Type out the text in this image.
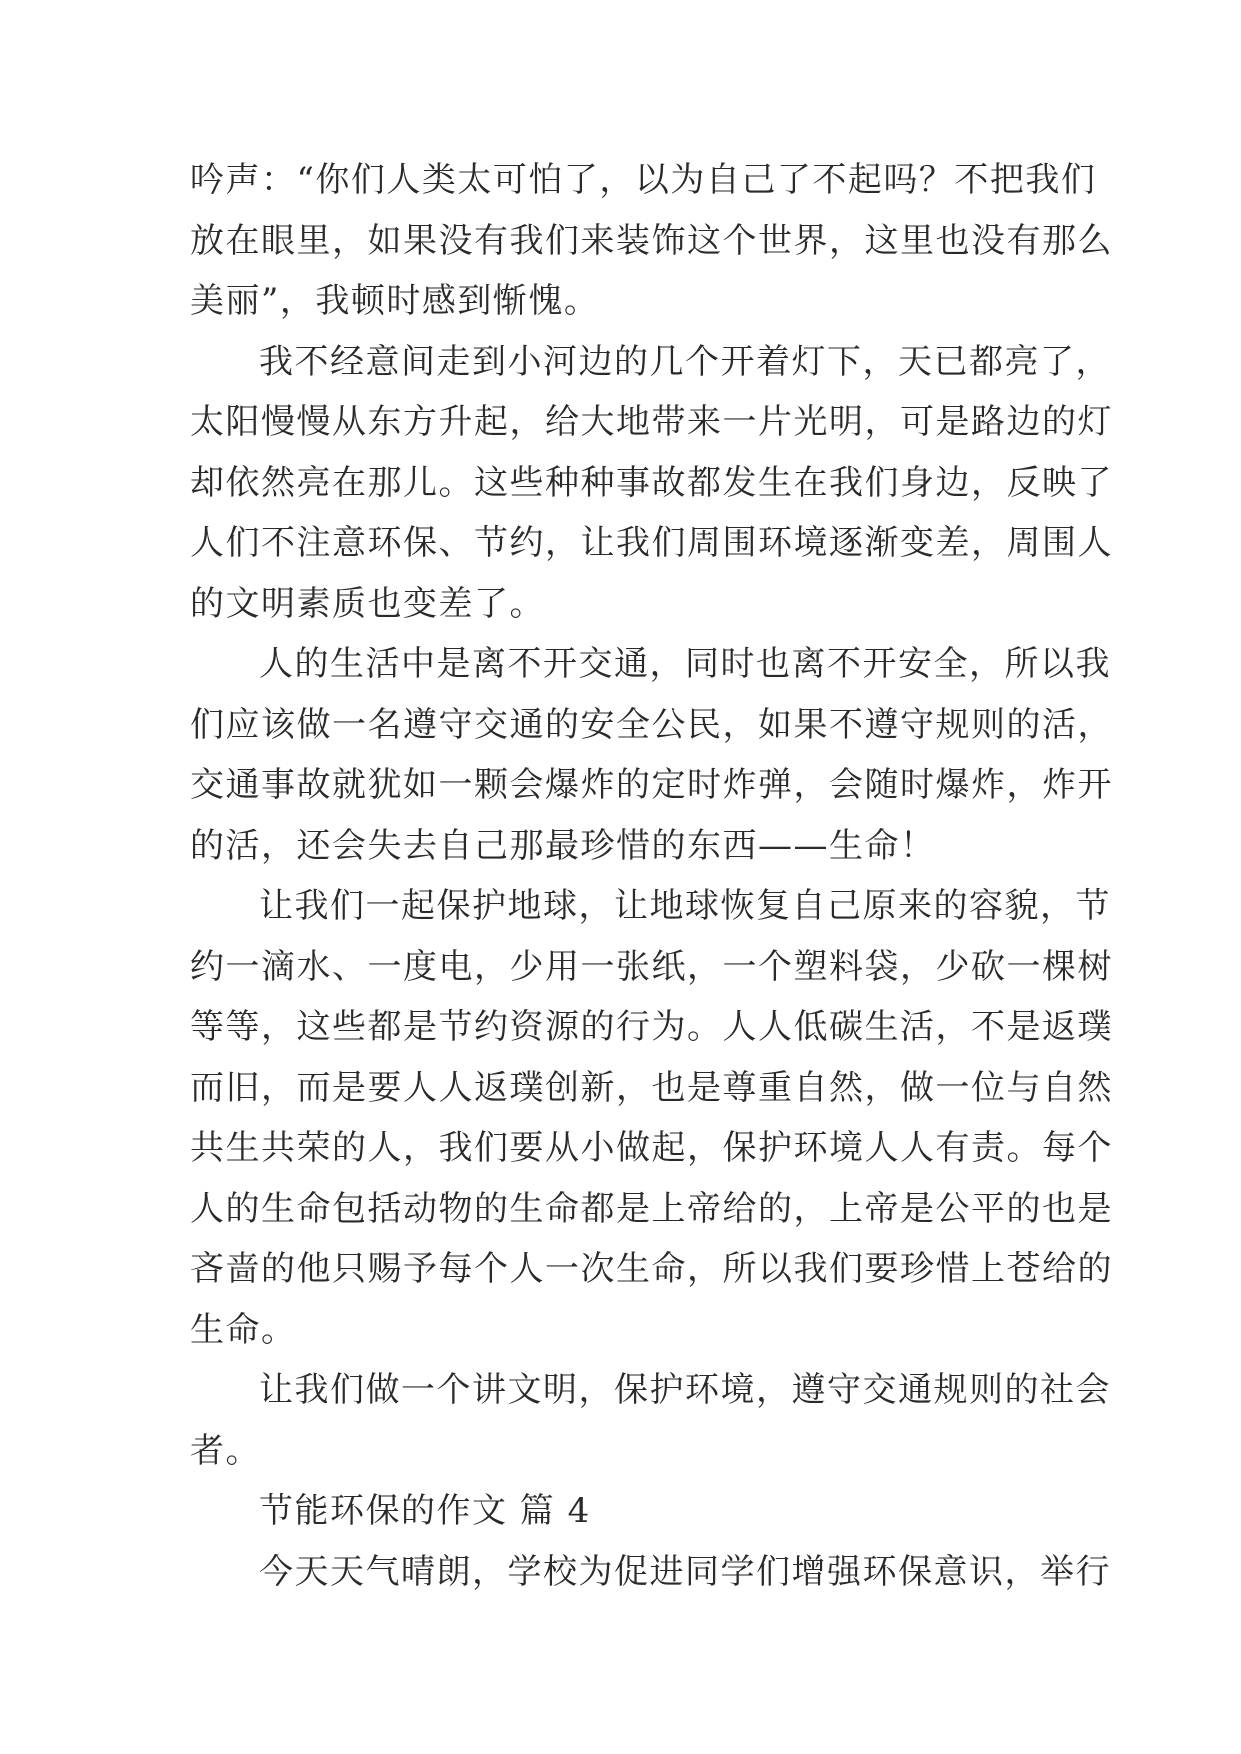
吟声：“你们人类太可怕了，以为自己了不起吗？不把我们
放在眼里，如果没有我们来装饰这个世界，这里也没有那么
美丽”，我顿时感到惭愧。
我不经意间走到小河边的几个开着灯下，天已都亮了，
太阳慢慢从东方升起，给大地带来一片光明，可是路边的灯
却依然亮在那儿。这些种种事故都发生在我们身边，反映了
人们不注意环保、节约，让我们周围环境逐渐变差，周围人
的文明素质也变差了。
人的生活中是离不开交通，同时也离不开安全，所以我
们应该做一名遵守交通的安全公民，如果不遵守规则的活，
交通事故就犹如一颗会爆炸的定时炸弹，会随时爆炸，炸开
的活，还会失去自己那最珍惜的东西——生命！
让我们一起保护地球，让地球恢复自己原来的容貌，节
约一滴水、一度电，少用一张纸，一个塑料袋，少砍一棵树
等等，这些都是节约资源的行为。人人低碳生活，不是返璞
而旧，而是要人人返璞创新，也是尊重自然，做一位与自然
共生共荣的人，我们要从小做起，保护环境人人有责。每个
人的生命包括动物的生命都是上帝给的，上帝是公平的也是
吝啬的他只赐予每个人一次生命，所以我们要珍惜上苍给的
生命。
让我们做一个讲文明，保护环境，遵守交通规则的社会
者。
节能环保的作文 篇 4
今天天气晴朗，学校为促进同学们增强环保意识，举行
